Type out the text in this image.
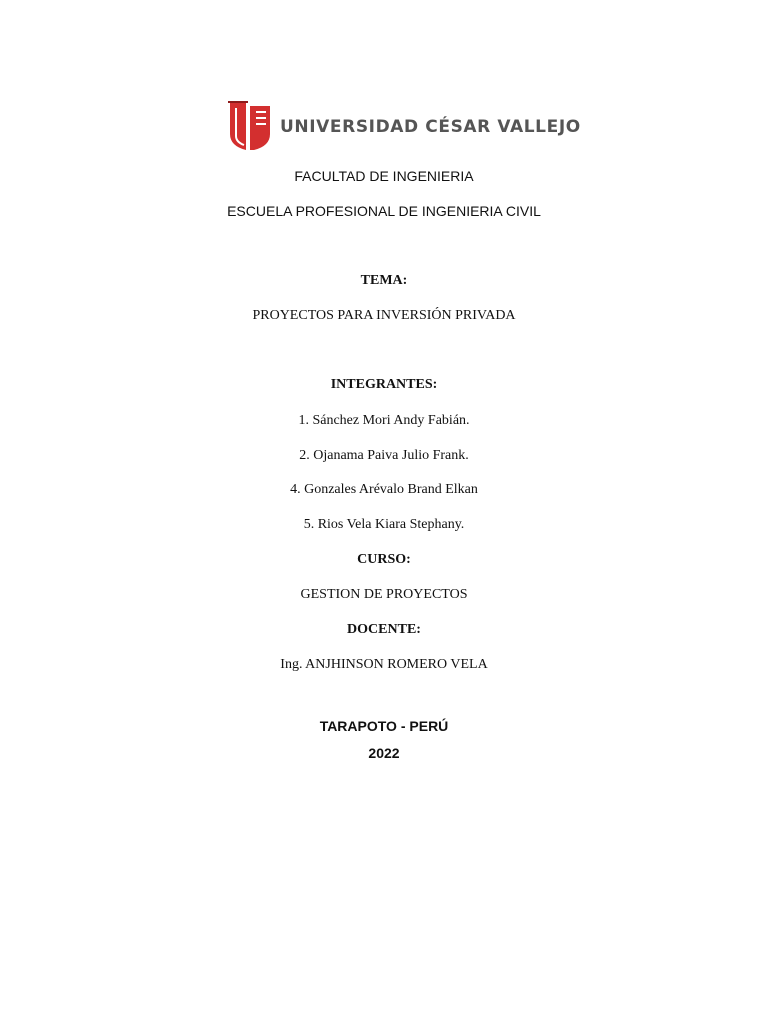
UNIVERSIDAD CÉSAR VALLEJO
FACULTAD DE INGENIERIA
ESCUELA PROFESIONAL DE INGENIERIA CIVIL
TEMA:
PROYECTOS PARA INVERSIÓN PRIVADA
INTEGRANTES:
1. Sánchez Mori Andy Fabián.
2. Ojanama Paiva Julio Frank.
4. Gonzales Arévalo Brand Elkan
5. Rios Vela Kiara Stephany.
CURSO:
GESTION DE PROYECTOS
DOCENTE:
Ing. ANJHINSON ROMERO VELA
TARAPOTO - PERÚ
2022
